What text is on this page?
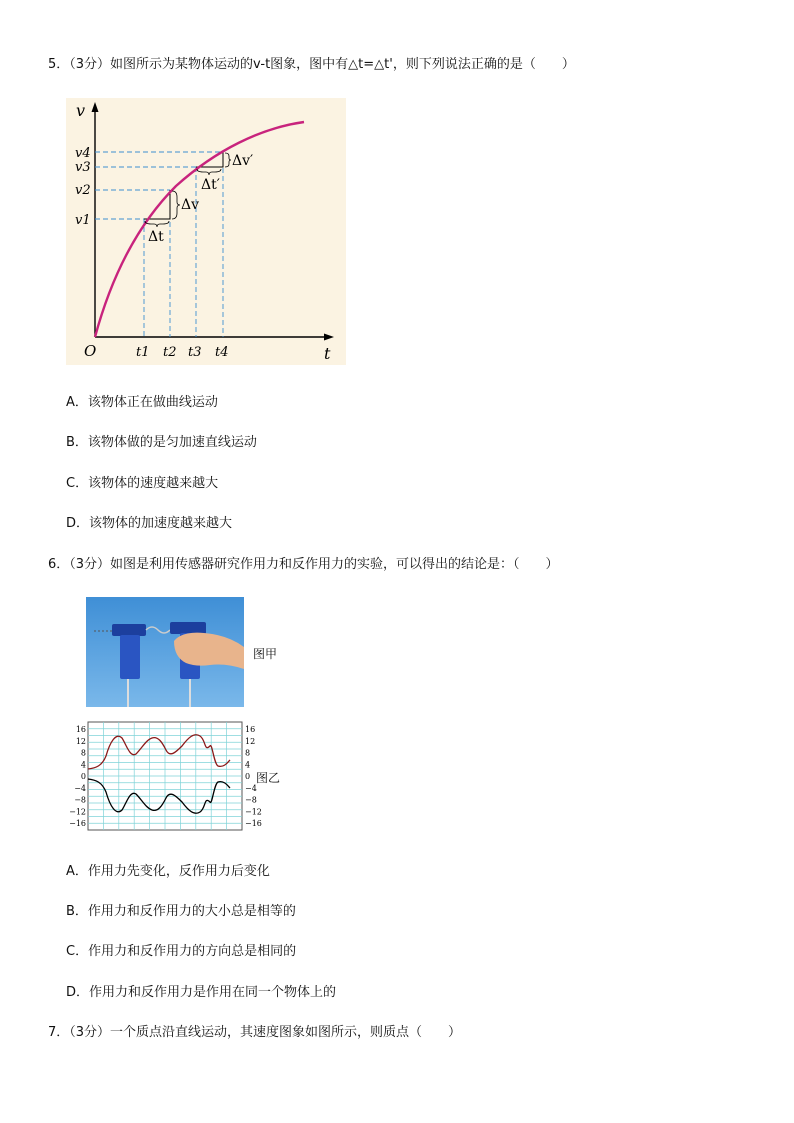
5．（3分）如图所示为某物体运动的v-t图象，图中有△t=△t'，则下列说法正确的是（　　）
v
t
O
v1
v2
v3
v4
t1 t2 t3 t4
Δv
Δv′
Δt
Δt′
A．该物体正在做曲线运动
B．该物体做的是匀加速直线运动
C．该物体的速度越来越大
D．该物体的加速度越来越大
6．（3分）如图是利用传感器研究作用力和反作用力的实验，可以得出的结论是：（　　）
图甲
16
12
8
4
0
−4
−8
−12
−16
16
12
8
4
0
−4
−8
−12
−16
图乙
A．作用力先变化，反作用力后变化
B．作用力和反作用力的大小总是相等的
C．作用力和反作用力的方向总是相同的
D．作用力和反作用力是作用在同一个物体上的
7．（3分）一个质点沿直线运动，其速度图象如图所示，则质点（　　）
